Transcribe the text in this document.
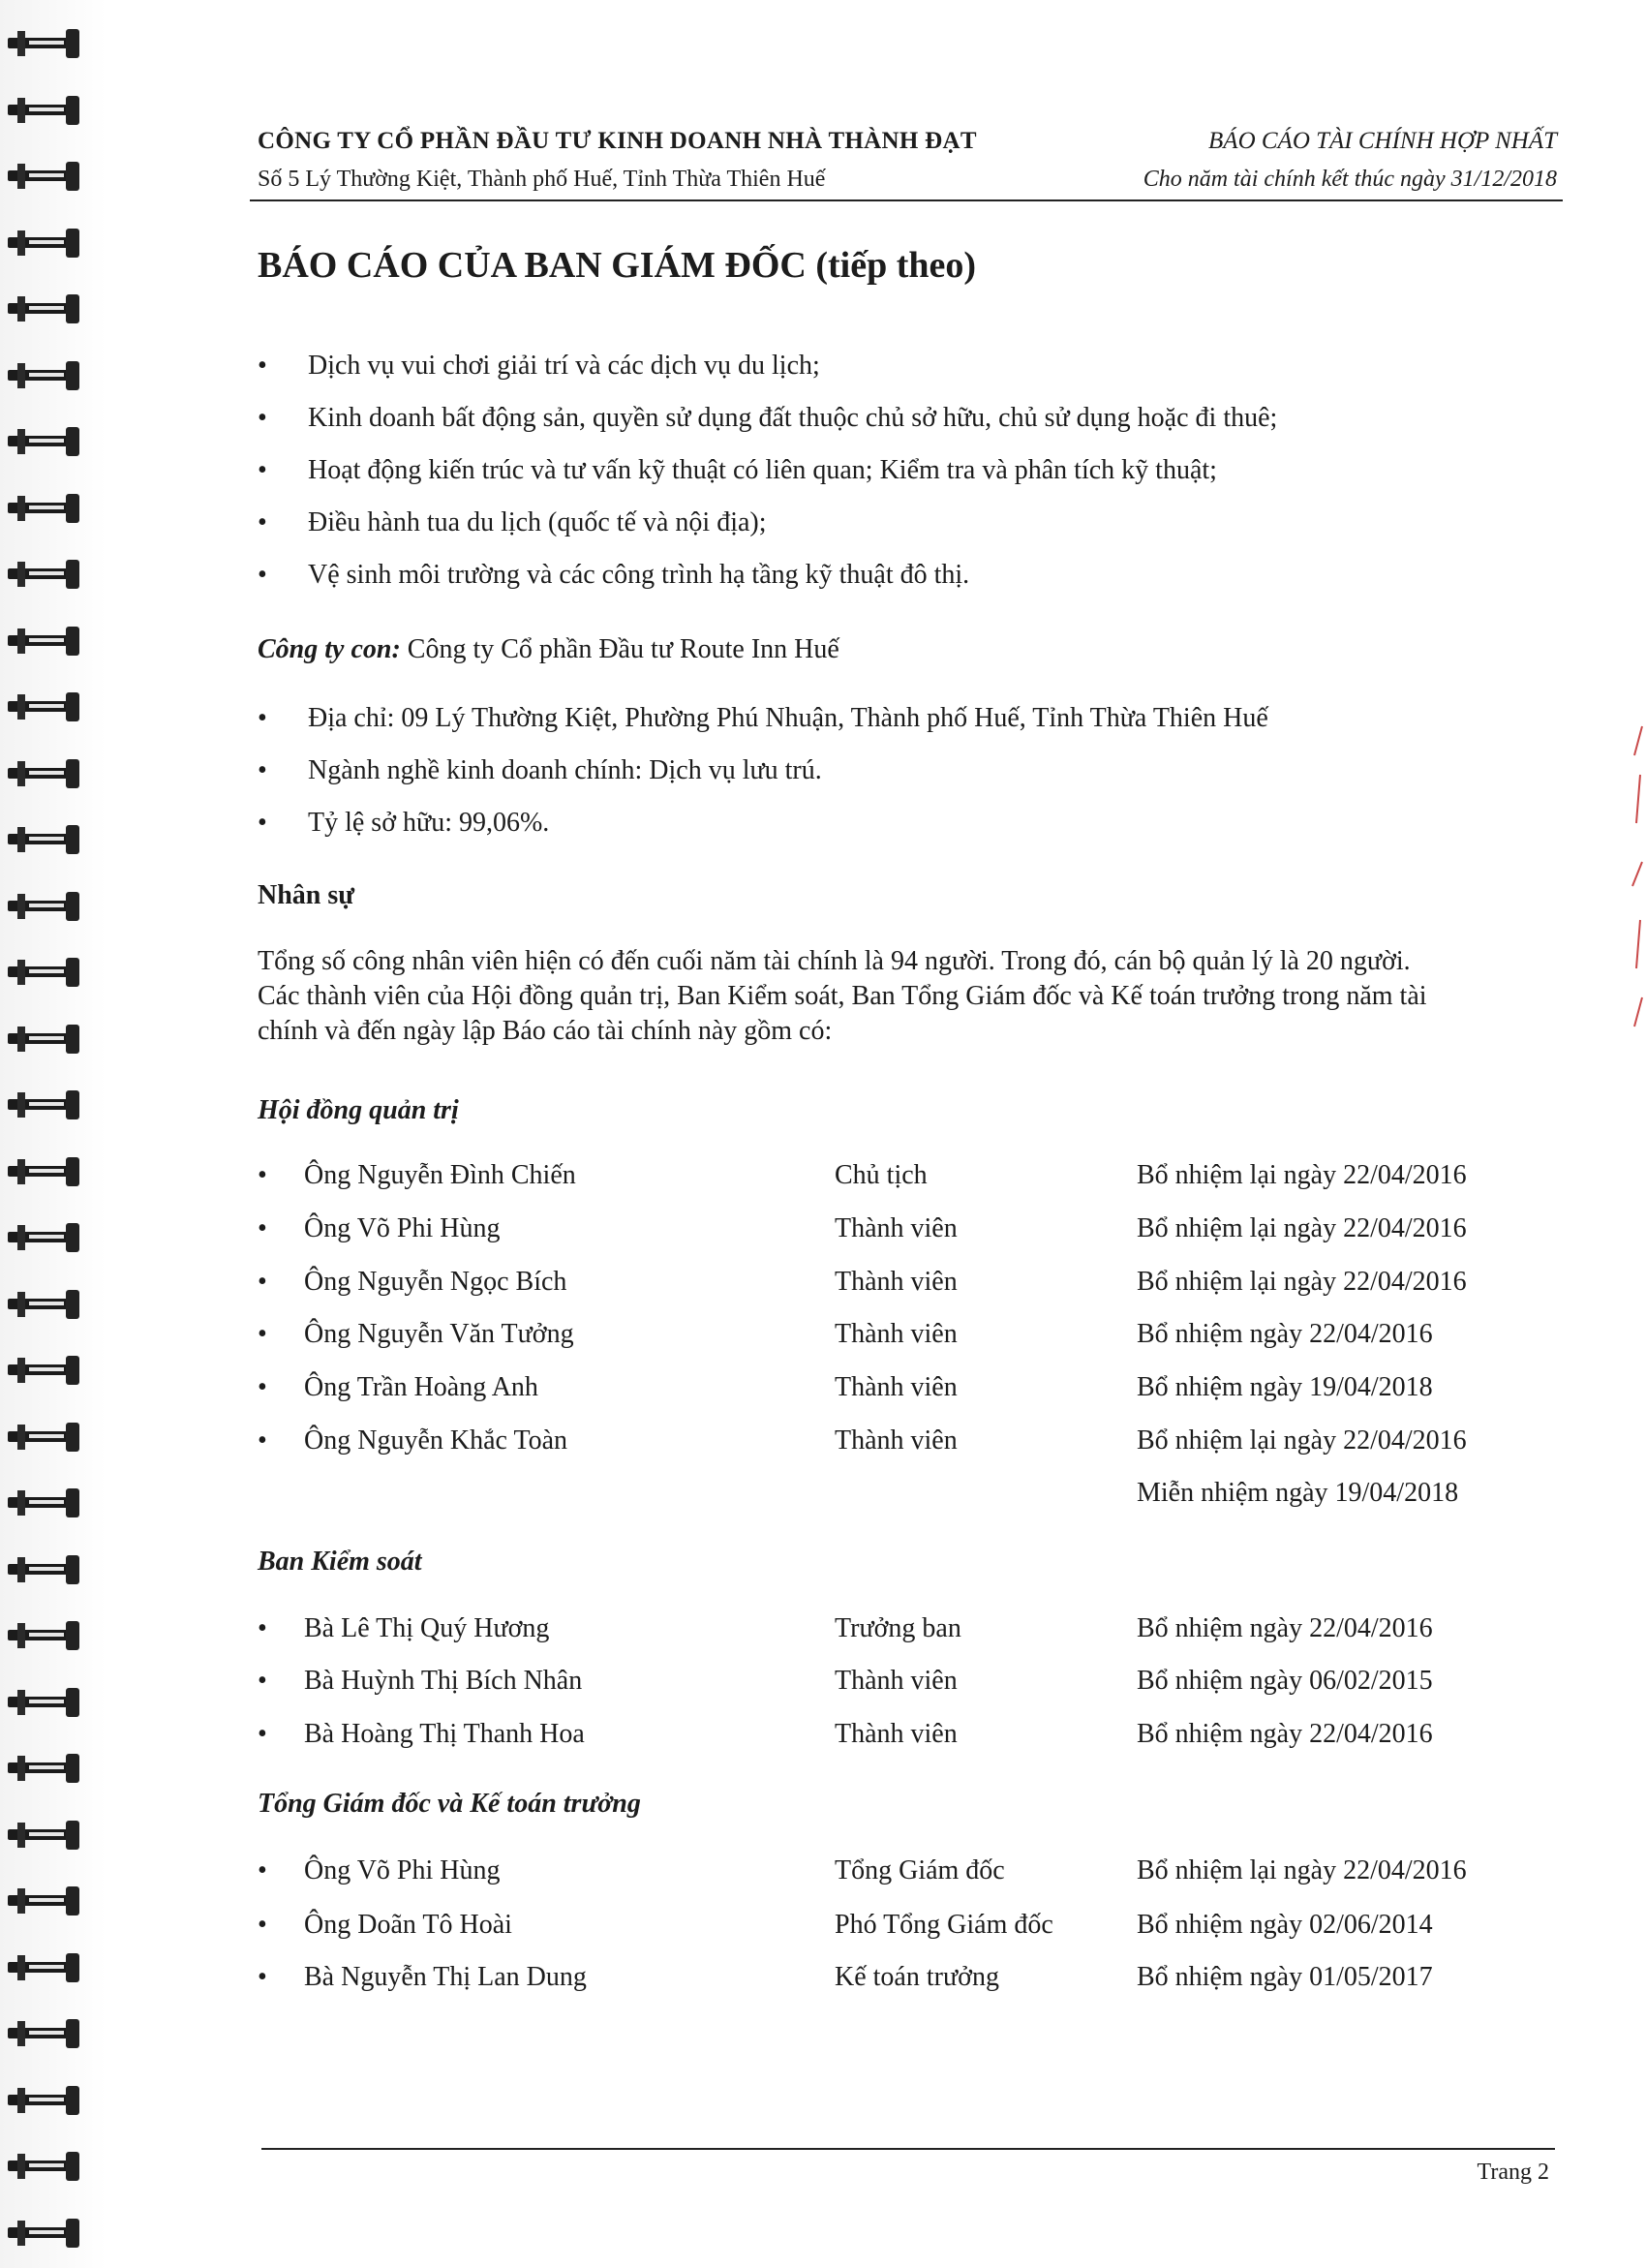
CÔNG TY CỔ PHẦN ĐẦU TƯ KINH DOANH NHÀ THÀNH ĐẠT
Số 5 Lý Thường Kiệt, Thành phố Huế, Tỉnh Thừa Thiên Huế
BÁO CÁO TÀI CHÍNH HỢP NHẤT
Cho năm tài chính kết thúc ngày 31/12/2018
BÁO CÁO CỦA BAN GIÁM ĐỐC (tiếp theo)
• Dịch vụ vui chơi giải trí và các dịch vụ du lịch;
• Kinh doanh bất động sản, quyền sử dụng đất thuộc chủ sở hữu, chủ sử dụng hoặc đi thuê;
• Hoạt động kiến trúc và tư vấn kỹ thuật có liên quan; Kiểm tra và phân tích kỹ thuật;
• Điều hành tua du lịch (quốc tế và nội địa);
• Vệ sinh môi trường và các công trình hạ tầng kỹ thuật đô thị.
Công ty con: Công ty Cổ phần Đầu tư Route Inn Huế
• Địa chỉ: 09 Lý Thường Kiệt, Phường Phú Nhuận, Thành phố Huế, Tỉnh Thừa Thiên Huế
• Ngành nghề kinh doanh chính: Dịch vụ lưu trú.
• Tỷ lệ sở hữu: 99,06%.
Nhân sự
Tổng số công nhân viên hiện có đến cuối năm tài chính là 94 người. Trong đó, cán bộ quản lý là 20 người.
Các thành viên của Hội đồng quản trị, Ban Kiểm soát, Ban Tổng Giám đốc và Kế toán trưởng trong năm tài
chính và đến ngày lập Báo cáo tài chính này gồm có:
Hội đồng quản trị
• Ông Nguyễn Đình Chiến	Chủ tịch	Bổ nhiệm lại ngày 22/04/2016
• Ông Võ Phi Hùng	Thành viên	Bổ nhiệm lại ngày 22/04/2016
• Ông Nguyễn Ngọc Bích	Thành viên	Bổ nhiệm lại ngày 22/04/2016
• Ông Nguyễn Văn Tưởng	Thành viên	Bổ nhiệm ngày 22/04/2016
• Ông Trần Hoàng Anh	Thành viên	Bổ nhiệm ngày 19/04/2018
• Ông Nguyễn Khắc Toàn	Thành viên	Bổ nhiệm lại ngày 22/04/2016
Miễn nhiệm ngày 19/04/2018
Ban Kiểm soát
• Bà Lê Thị Quý Hương	Trưởng ban	Bổ nhiệm ngày 22/04/2016
• Bà Huỳnh Thị Bích Nhân	Thành viên	Bổ nhiệm ngày 06/02/2015
• Bà Hoàng Thị Thanh Hoa	Thành viên	Bổ nhiệm ngày 22/04/2016
Tổng Giám đốc và Kế toán trưởng
• Ông Võ Phi Hùng	Tổng Giám đốc	Bổ nhiệm lại ngày 22/04/2016
• Ông Doãn Tô Hoài	Phó Tổng Giám đốc	Bổ nhiệm ngày 02/06/2014
• Bà Nguyễn Thị Lan Dung	Kế toán trưởng	Bổ nhiệm ngày 01/05/2017
Trang 2
